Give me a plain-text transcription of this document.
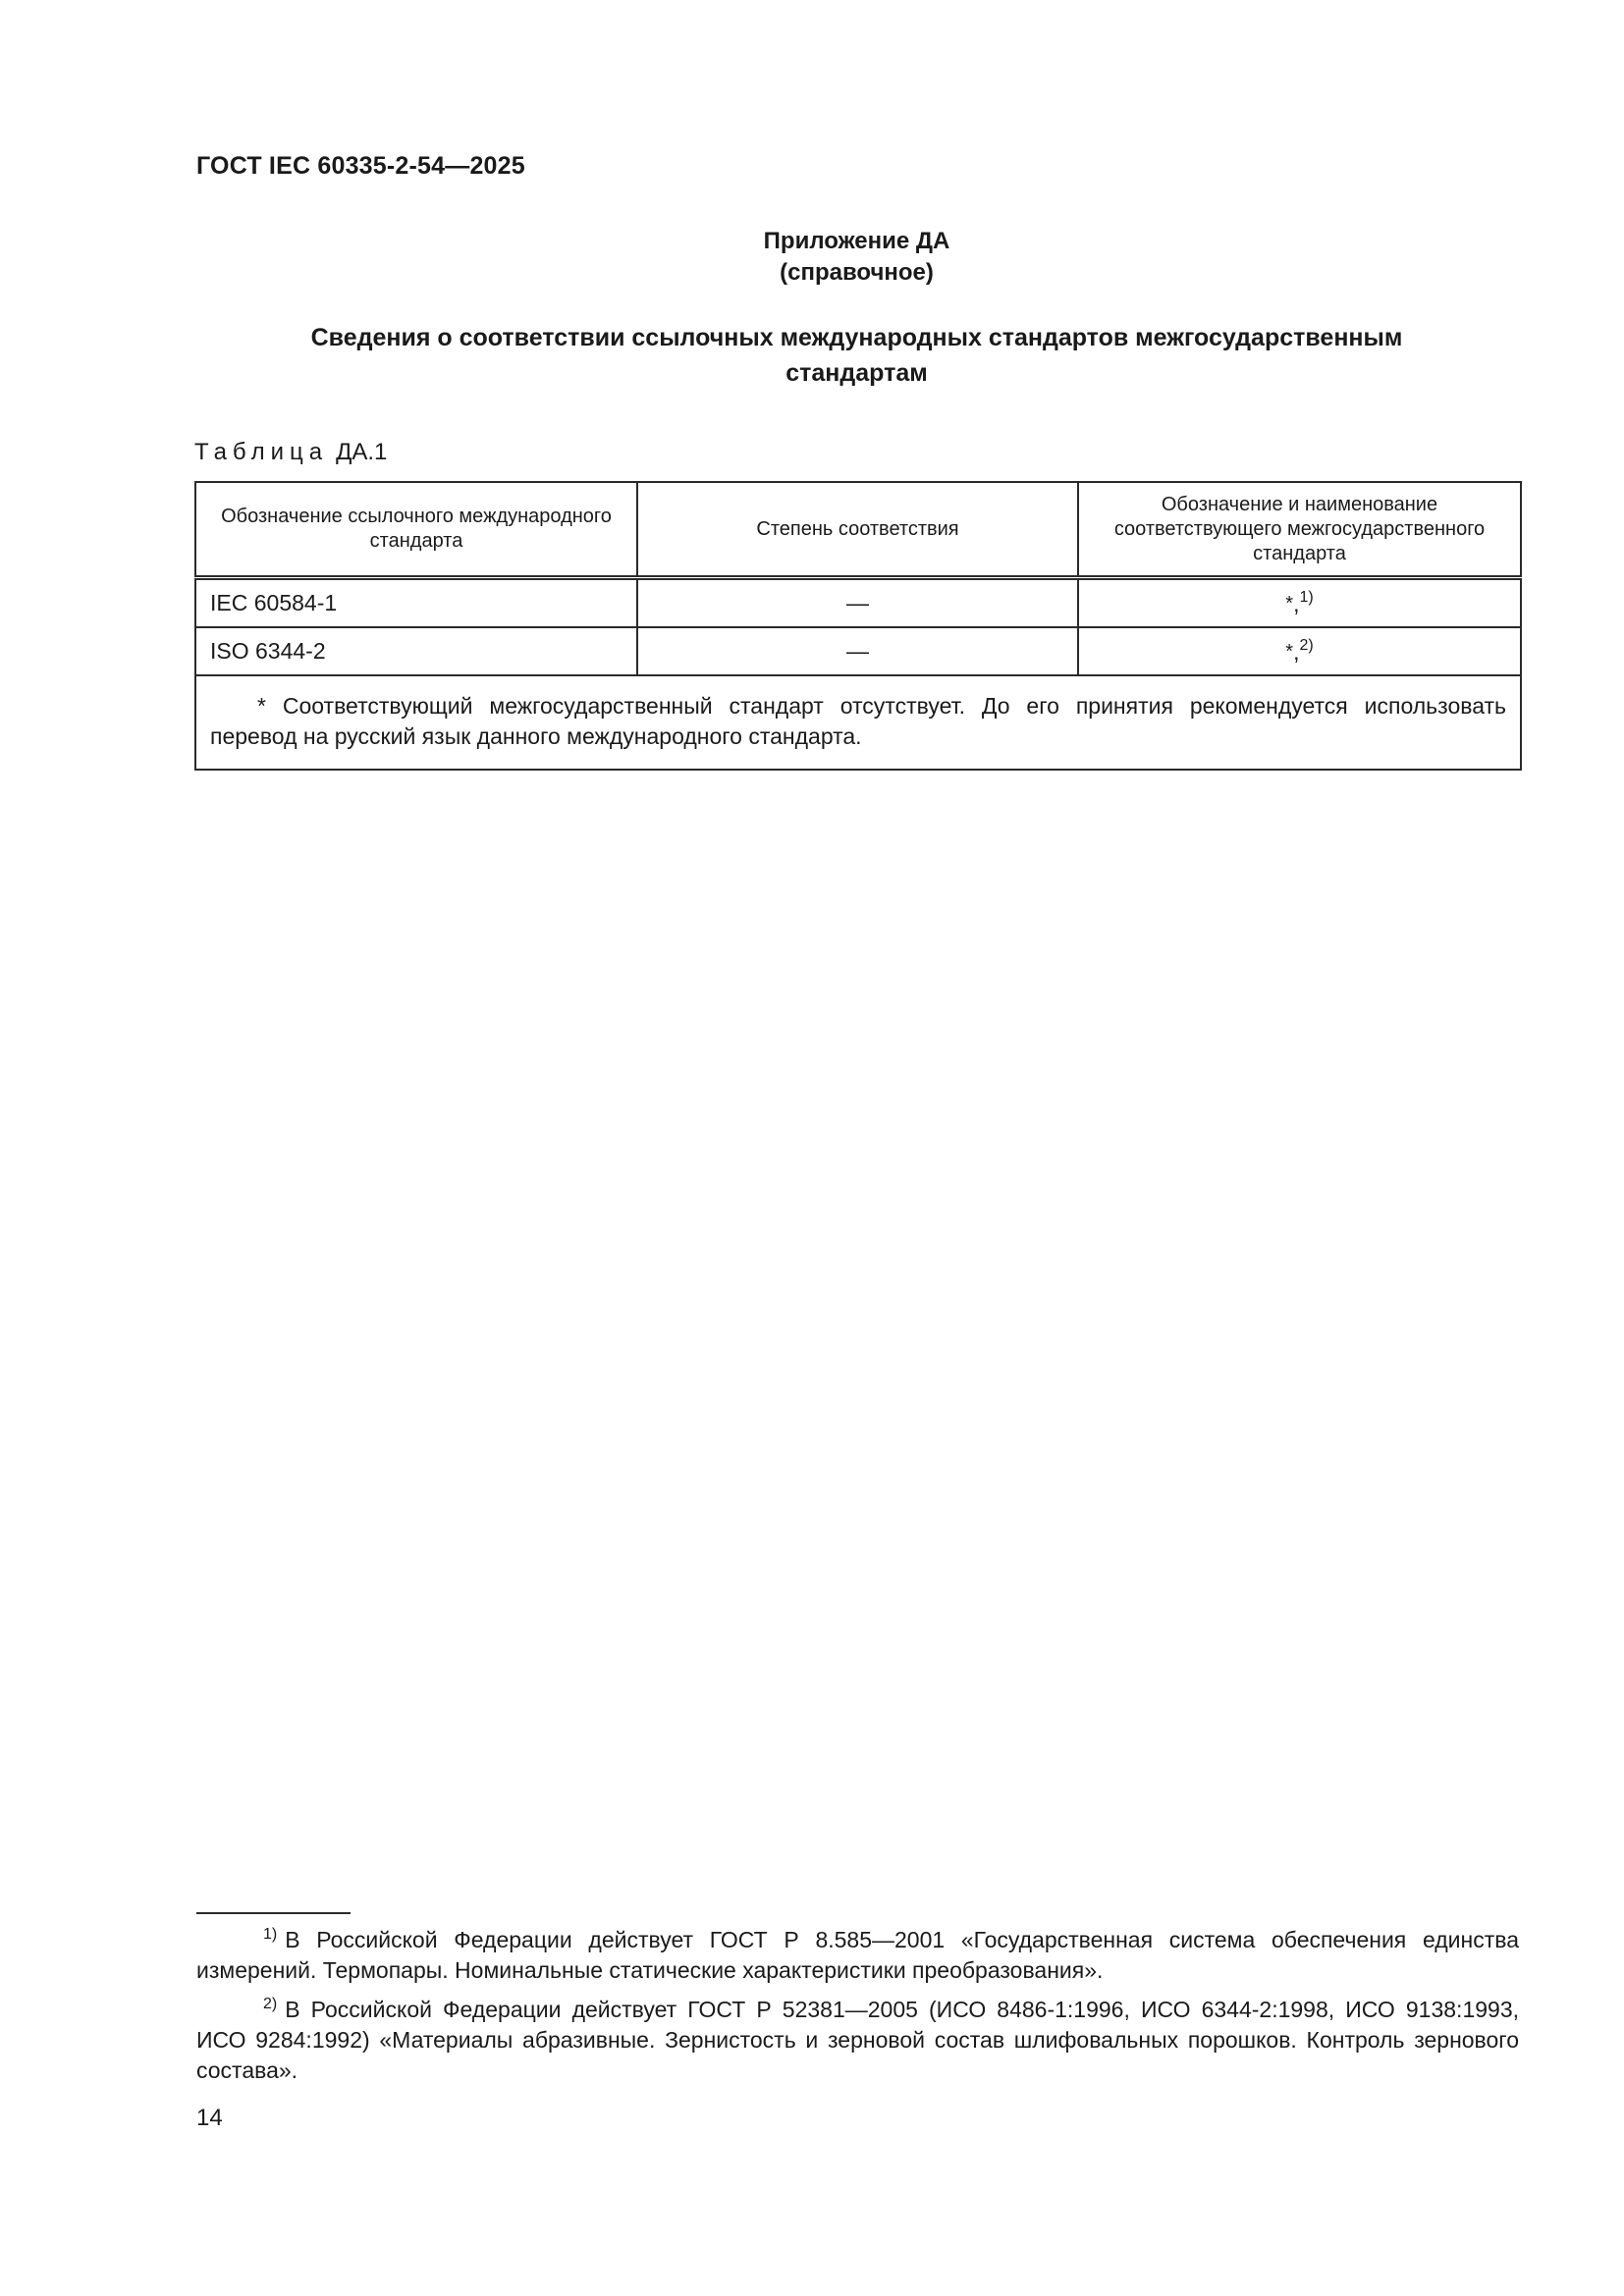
ГОСТ IEC 60335-2-54—2025
Приложение ДА
(справочное)
Сведения о соответствии ссылочных международных стандартов межгосударственным
стандартам
Таблица ДА.1
Обозначение ссылочного международного стандарта	Степень соответствия	Обозначение и наименование соответствующего межгосударственного стандарта
IEC 60584-1	—	*,$^{1)}$
ISO 6344-2	—	*,$^{2)}$
* Соответствующий межгосударственный стандарт отсутствует. До его принятия рекомендуется использовать перевод на русский язык данного международного стандарта.		
$^{1)}$ В Российской Федерации действует ГОСТ Р 8.585—2001 «Государственная система обеспечения единства измерений. Термопары. Номинальные статические характеристики преобразования».
$^{2)}$ В Российской Федерации действует ГОСТ Р 52381—2005 (ИСО 8486-1:1996, ИСО 6344-2:1998, ИСО 9138:1993, ИСО 9284:1992) «Материалы абразивные. Зернистость и зерновой состав шлифовальных порошков. Контроль зернового состава».
14
